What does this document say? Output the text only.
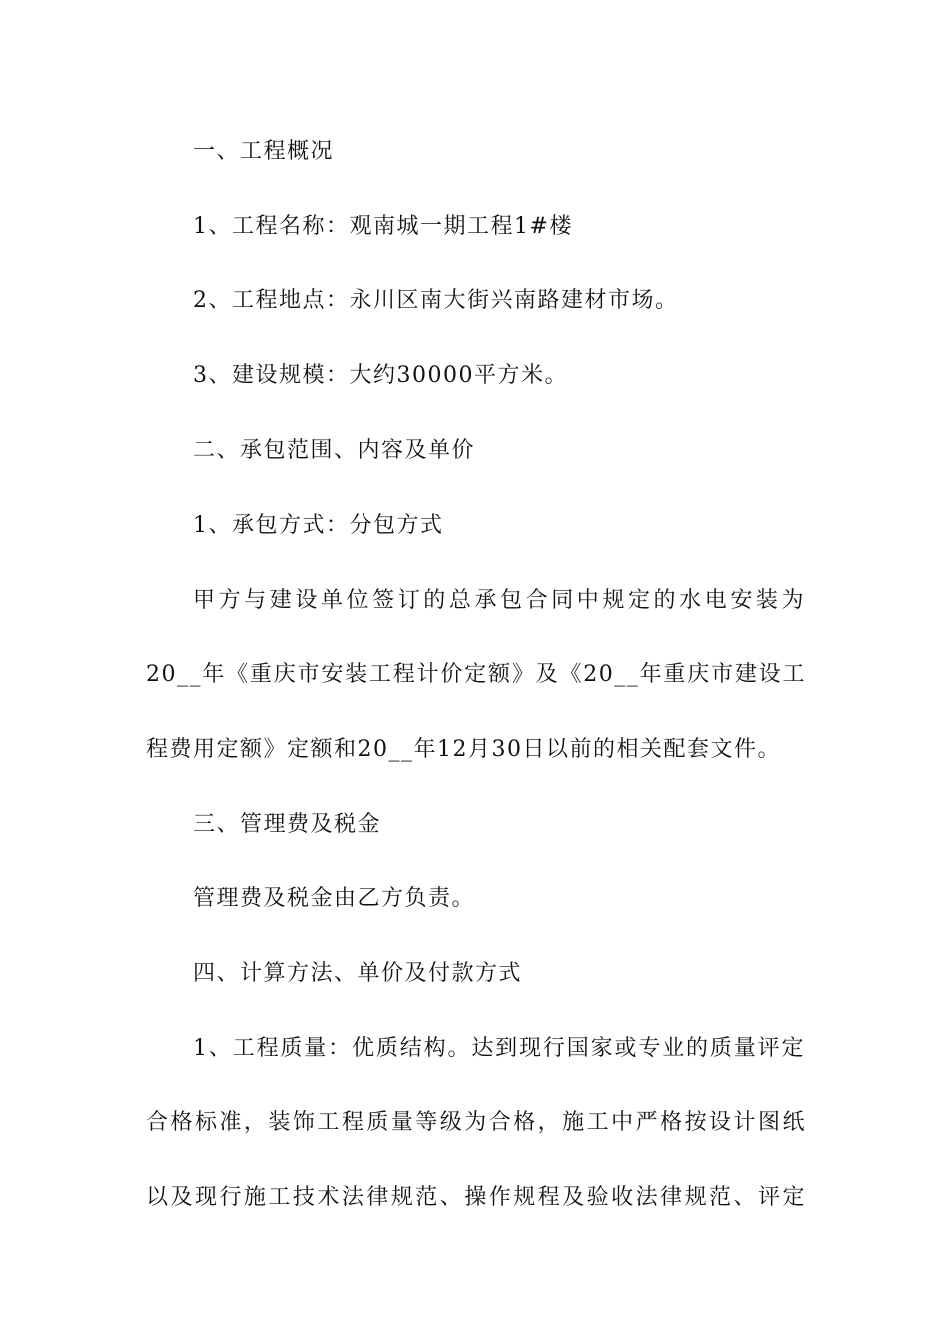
一、工程概况
1、工程名称：观南城一期工程1#楼
2、工程地点：永川区南大街兴南路建材市场。
3、建设规模：大约30000平方米。
二、承包范围、内容及单价
1、承包方式：分包方式
甲方与建设单位签订的总承包合同中规定的水电安装为
20__年《重庆市安装工程计价定额》及《20__年重庆市建设工
程费用定额》定额和20__年12月30日以前的相关配套文件。
三、管理费及税金
管理费及税金由乙方负责。
四、计算方法、单价及付款方式
1、工程质量：优质结构。达到现行国家或专业的质量评定
合格标准，装饰工程质量等级为合格，施工中严格按设计图纸
以及现行施工技术法律规范、操作规程及验收法律规范、评定
